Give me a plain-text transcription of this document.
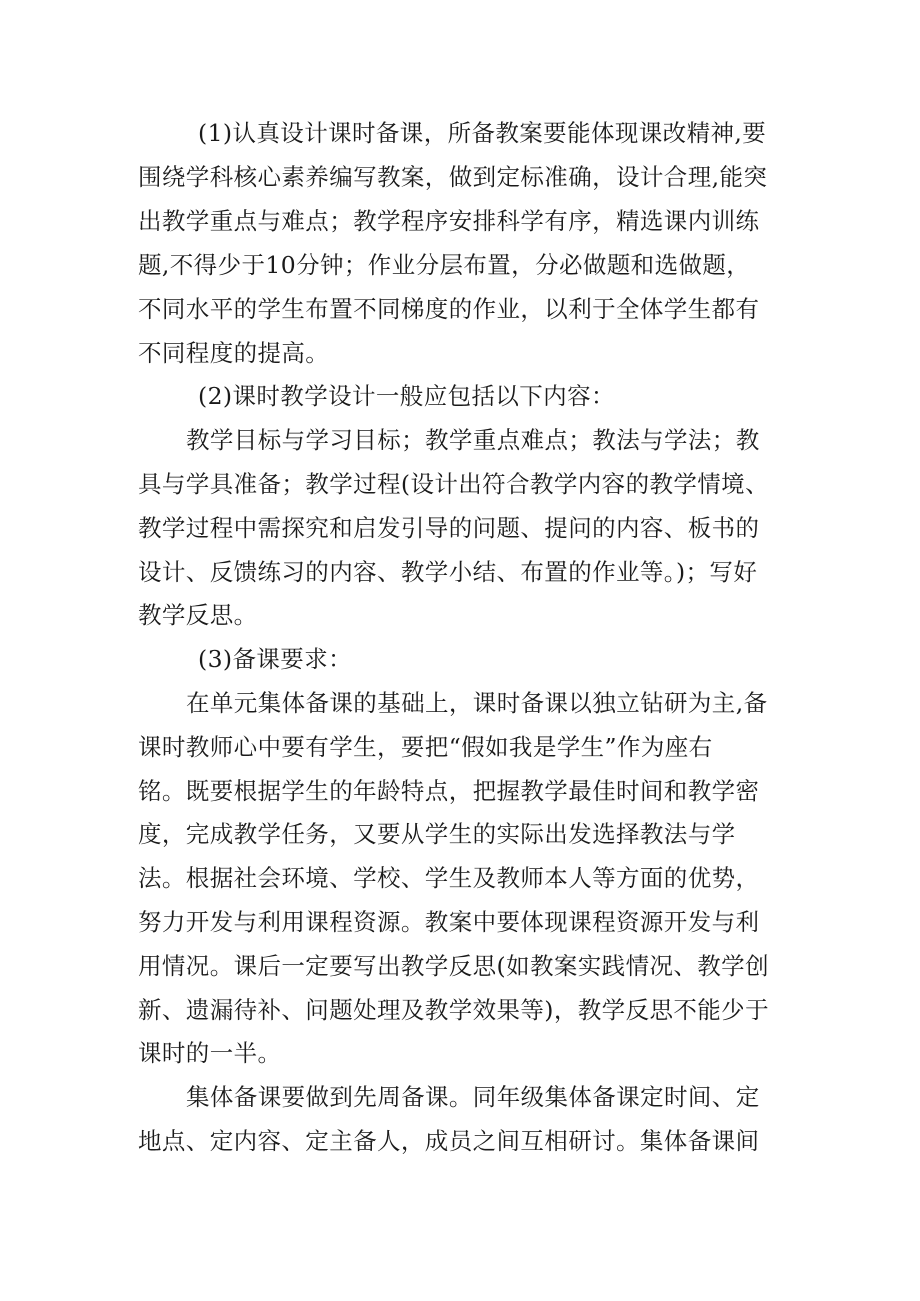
(1)认真设计课时备课，所备教案要能体现课改精神,要

围绕学科核心素养编写教案，做到定标准确，设计合理,能突

出教学重点与难点；教学程序安排科学有序，精选课内训练

题,不得少于10分钟；作业分层布置，分必做题和选做题，

不同水平的学生布置不同梯度的作业，以利于全体学生都有

不同程度的提高。

(2)课时教学设计一般应包括以下内容：

教学目标与学习目标；教学重点难点；教法与学法；教

具与学具准备；教学过程(设计出符合教学内容的教学情境、

教学过程中需探究和启发引导的问题、提问的内容、板书的

设计、反馈练习的内容、教学小结、布置的作业等。)；写好

教学反思。

(3)备课要求：

在单元集体备课的基础上，课时备课以独立钻研为主,备

课时教师心中要有学生，要把“假如我是学生”作为座右

铭。既要根据学生的年龄特点，把握教学最佳时间和教学密

度，完成教学任务，又要从学生的实际出发选择教法与学

法。根据社会环境、学校、学生及教师本人等方面的优势，

努力开发与利用课程资源。教案中要体现课程资源开发与利

用情况。课后一定要写出教学反思(如教案实践情况、教学创

新、遗漏待补、问题处理及教学效果等)，教学反思不能少于

课时的一半。

集体备课要做到先周备课。同年级集体备课定时间、定

地点、定内容、定主备人，成员之间互相研讨。集体备课间
